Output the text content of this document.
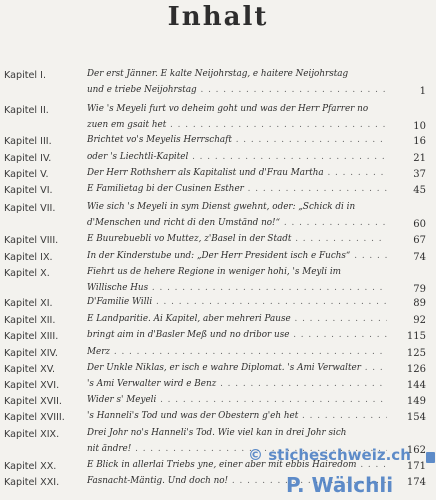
Inhalt
Kapitel I.	Der erst Jänner. E kalte Neijohrstag, e haitere Neijohrstag
und e triebe Neijohrstag . . .	1
Kapitel II.	Wie 's Meyeli furt vo deheim goht und was der Herr Pfarrer no
zuen em gsait het . . .	10
Kapitel III.	Brichtet vo's Meyelis Herrschaft . . .	16
Kapitel IV.	oder 's Liechtli-Kapitel . . .	21
Kapitel V.	Der Herr Rothsherr als Kapitalist und d'Frau Martha . . .	37
Kapitel VI.	E Familietag bi der Cusinen Esther . . .	45
Kapitel VII.	Wie sich 's Meyeli in sym Dienst gwehnt, oder: „Schick di in
d'Menschen und richt di den Umständ no!“ . . .	60
Kapitel VIII.	E Buurebuebli vo Muttez, z'Basel in der Stadt . . .	67
Kapitel IX.	In der Kinderstube und: „Der Herr President isch e Fuchs“ . . .	74
Kapitel X.	Fiehrt us de hehere Regione in weniger hohi, 's Meyli im
Willische Hus . . .	79
Kapitel XI.	D'Familie Willi . . .	89
Kapitel XII.	E Landparitie. Ai Kapitel, aber mehreri Pause . . .	92
Kapitel XIII.	bringt aim in d'Basler Meß und no dribor use . . .	115
Kapitel XIV.	Merz . . .	125
Kapitel XV.	Der Unkle Niklas, er isch e wahre Diplomat. 's Ami Verwalter . . .	126
Kapitel XVI.	's Ami Verwalter wird e Benz . . .	144
Kapitel XVII.	Wider s' Meyeli . . .	149
Kapitel XVIII.	's Hanneli's Tod und was der Obestern g'eh het . . .	154
Kapitel XIX.	Drei Johr no's Hanneli's Tod. Wie viel kan in drei Johr sich
nit ändre! . . .	162
Kapitel XX.	E Blick in allerlai Triebs yne, einer aber mit ebbis Hairedom . . .	171
Kapitel XXI.	Fasnacht-Mäntig. Und doch no! . . .	174
© sticheschweiz.ch
P. Wälchli
